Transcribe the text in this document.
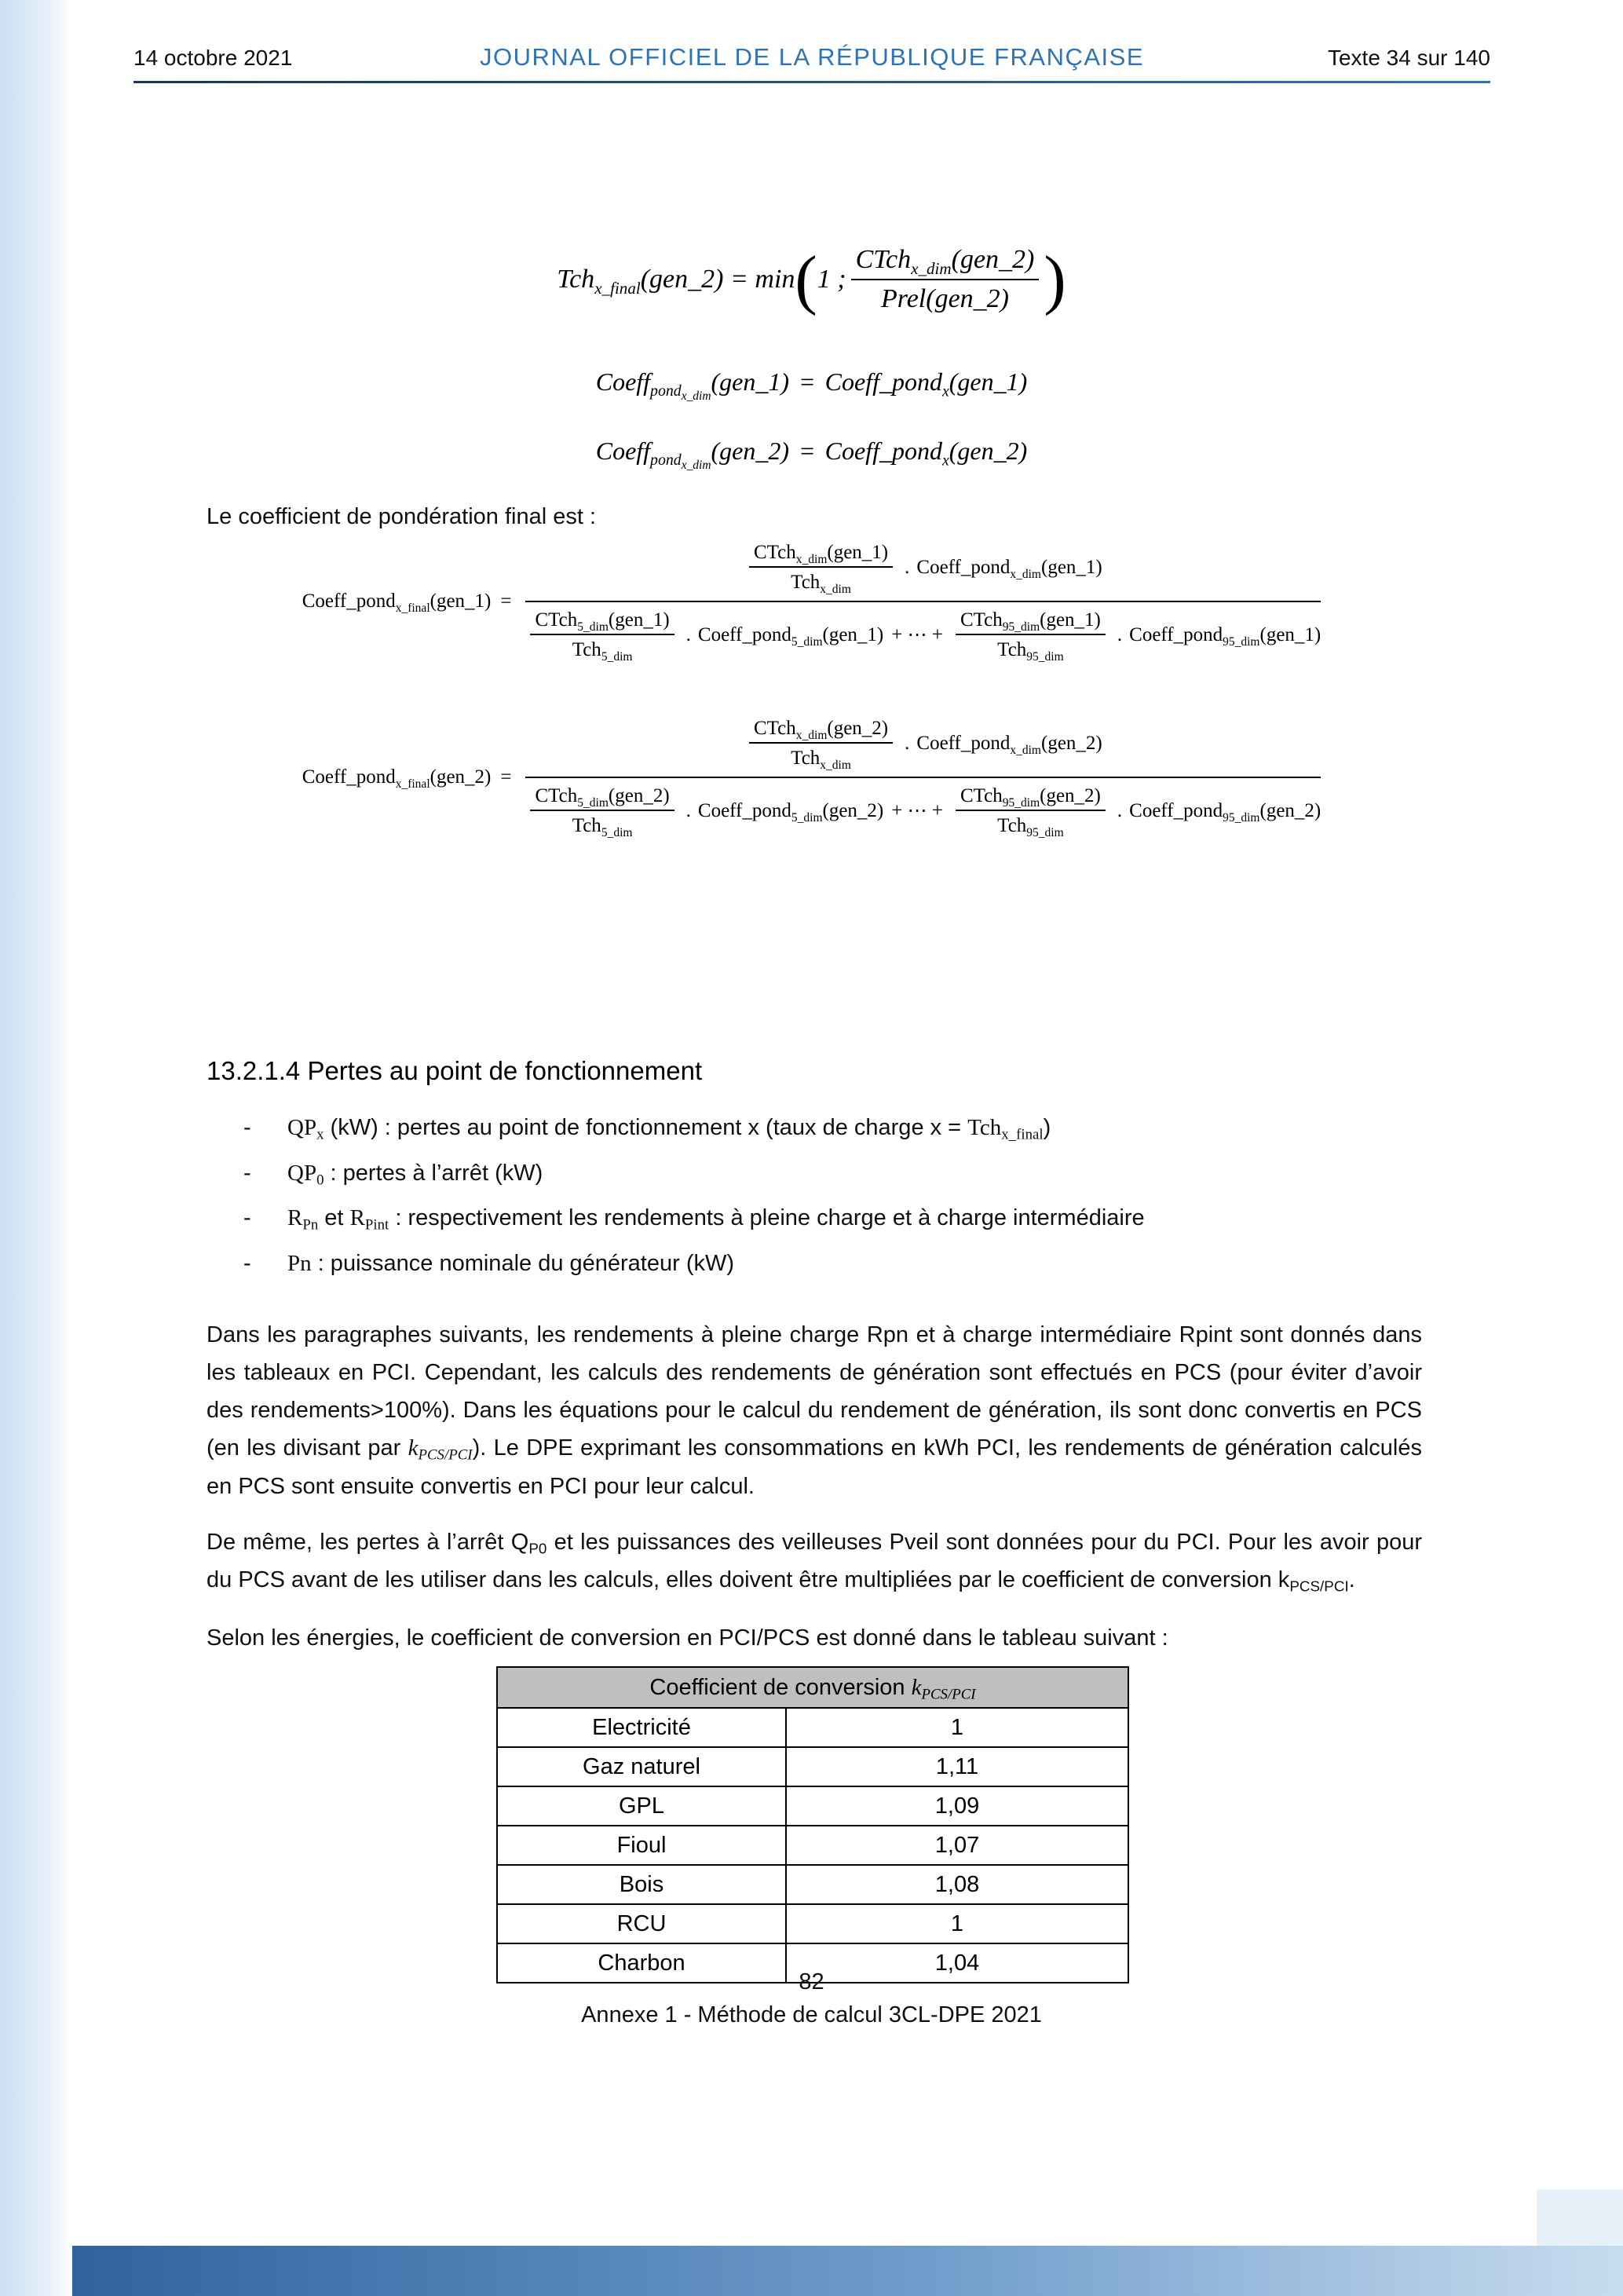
14 octobre 2021	JOURNAL OFFICIEL DE LA RÉPUBLIQUE FRANÇAISE	Texte 34 sur 140
Tch$_{x\_final}$(gen_2) = min ( 1 ; $\frac{CTch_{x\_dim}(gen\_2)}{\text{Prel(gen\_2)}}$ )
Coeff$_{pond_{x\_dim}}$(gen_1) = Coeff_pond$_x$(gen_1)
Coeff$_{pond_{x\_dim}}$(gen_2) = Coeff_pond$_x$(gen_2)
Le coefficient de pondération final est :
Coeff_pond$_{x\_final}$(gen_1) =
$\frac{CTch_{x\_dim}(gen\_1)}{Tch_{x\_dim}}$ . Coeff_pond$_{x\_dim}$(gen_1)
$\frac{CTch_{5\_dim}(gen\_1)}{Tch_{5\_dim}}$ . Coeff_pond$_{5\_dim}$(gen_1) + ⋯ + $\frac{CTch_{95\_dim}(gen\_1)}{Tch_{95\_dim}}$ . Coeff_pond$_{95\_dim}$(gen_1)
Coeff_pond$_{x\_final}$(gen_2) =
$\frac{CTch_{x\_dim}(gen\_2)}{Tch_{x\_dim}}$ . Coeff_pond$_{x\_dim}$(gen_2)
$\frac{CTch_{5\_dim}(gen\_2)}{Tch_{5\_dim}}$ . Coeff_pond$_{5\_dim}$(gen_2) + ⋯ + $\frac{CTch_{95\_dim}(gen\_2)}{Tch_{95\_dim}}$ . Coeff_pond$_{95\_dim}$(gen_2)
13.2.1.4 Pertes au point de fonctionnement
-	$QP_x$ (kW) : pertes au point de fonctionnement x (taux de charge x = Tch$_{x\_final}$)
-	$QP_0$ : pertes à l’arrêt (kW)
-	$R_{Pn}$ et $R_{Pint}$ : respectivement les rendements à pleine charge et à charge intermédiaire
-	Pn : puissance nominale du générateur (kW)
Dans les paragraphes suivants, les rendements à pleine charge Rpn et à charge intermédiaire Rpint sont donnés dans les tableaux en PCI. Cependant, les calculs des rendements de génération sont effectués en PCS (pour éviter d’avoir des rendements>100%). Dans les équations pour le calcul du rendement de génération, ils sont donc convertis en PCS (en les divisant par $k_{PCS/PCI}$). Le DPE exprimant les consommations en kWh PCI, les rendements de génération calculés en PCS sont ensuite convertis en PCI pour leur calcul.
De même, les pertes à l’arrêt $Q_{P0}$ et les puissances des veilleuses Pveil sont données pour du PCI. Pour les avoir pour du PCS avant de les utiliser dans les calculs, elles doivent être multipliées par le coefficient de conversion $k_{PCS/PCI}$.
Selon les énergies, le coefficient de conversion en PCI/PCS est donné dans le tableau suivant :
Coefficient de conversion $k_{PCS/PCI}$
Electricité	1
Gaz naturel	1,11
GPL	1,09
Fioul	1,07
Bois	1,08
RCU	1
Charbon	1,04
82
Annexe 1 - Méthode de calcul 3CL-DPE 2021
